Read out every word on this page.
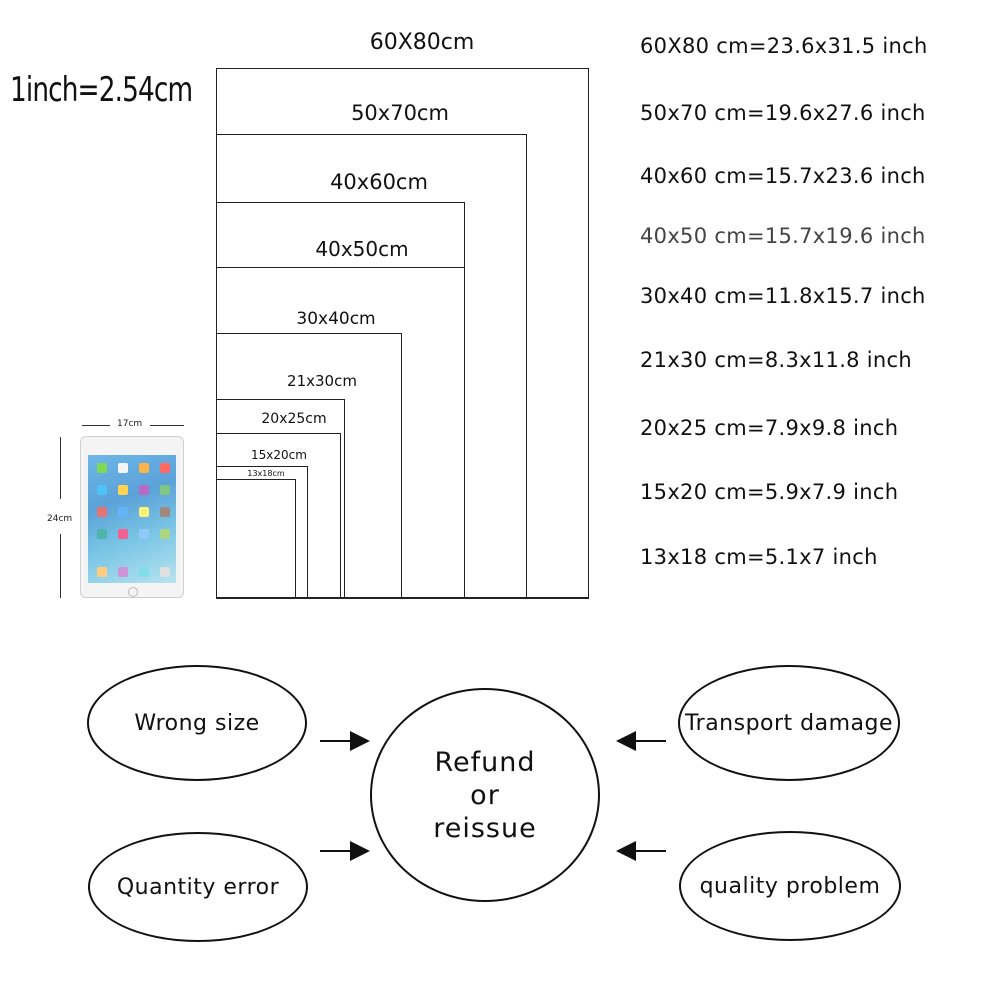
1inch=2.54cm
60X80cm
50x70cm
40x60cm
40x50cm
30x40cm
21x30cm
20x25cm
15x20cm
13x18cm
60X80 cm=23.6x31.5 inch
50x70 cm=19.6x27.6 inch
40x60 cm=15.7x23.6 inch
40x50 cm=15.7x19.6 inch
30x40 cm=11.8x15.7 inch
21x30 cm=8.3x11.8 inch
20x25 cm=7.9x9.8 inch
15x20 cm=5.9x7.9 inch
13x18 cm=5.1x7 inch
17cm
24cm
Wrong size
Quantity error
Transport damage
quality problem
Refund
or
reissue
